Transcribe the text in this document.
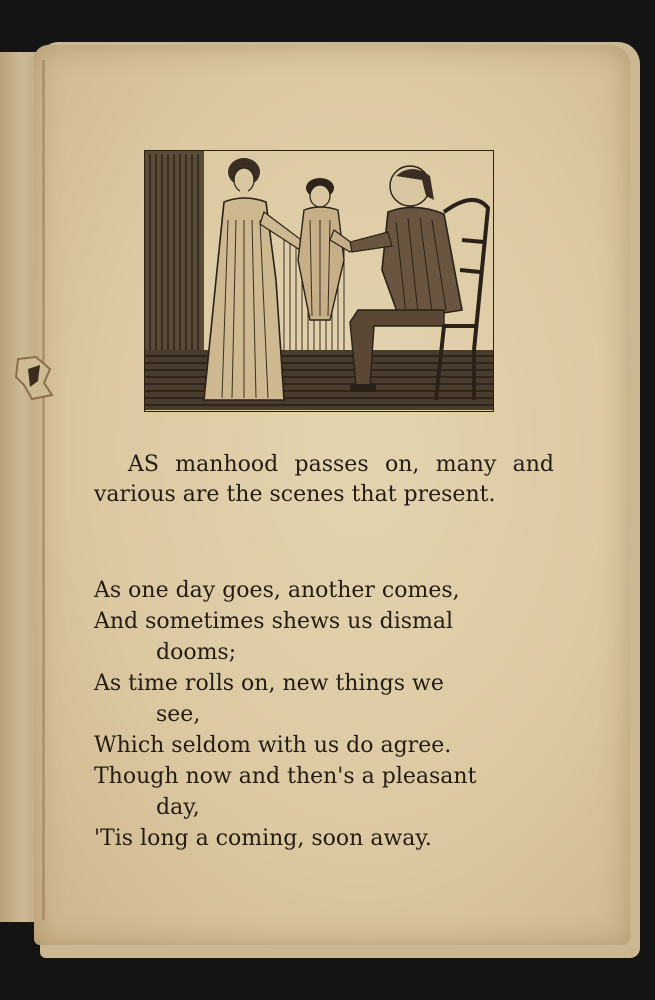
AS manhood passes on, many and various are the scenes that present.

As one day goes, another comes,
And sometimes shews us dismal
dooms;
As time rolls on, new things we
see,
Which seldom with us do agree.
Though now and then's a pleasant
day,
'Tis long a coming, soon away.
